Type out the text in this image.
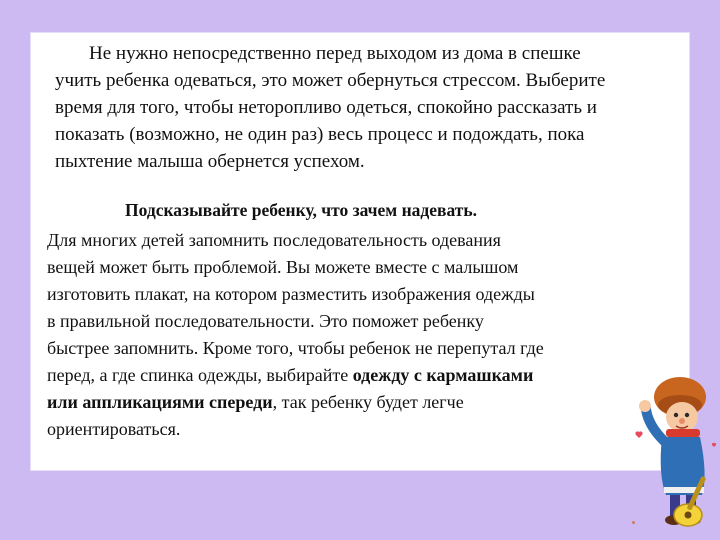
Не нужно непосредственно перед выходом из дома в спешке
учить ребенка одеваться, это может обернуться стрессом. Выберите
время для того, чтобы неторопливо одеться, спокойно рассказать и
показать (возможно, не один раз) весь процесс и подождать, пока
пыхтение малыша обернется успехом.
Подсказывайте ребенку, что зачем надевать.
Для многих детей запомнить последовательность одевания
вещей может быть проблемой. Вы можете вместе с малышом
изготовить плакат, на котором разместить изображения одежды
в правильной последовательности. Это поможет ребенку
быстрее запомнить. Кроме того, чтобы ребенок не перепутал где
перед, а где спинка одежды, выбирайте одежду с кармашками
или аппликациями спереди, так ребенку будет легче
ориентироваться.
